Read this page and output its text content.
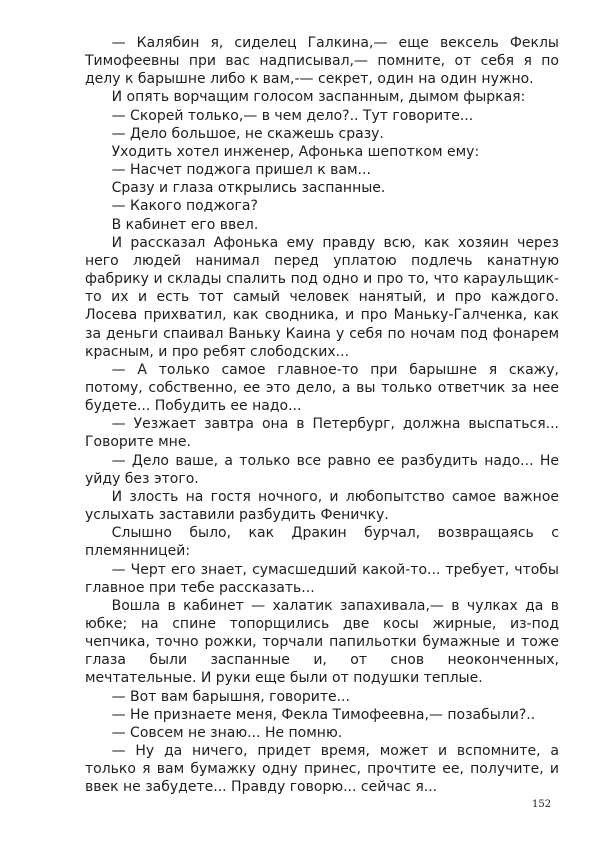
— Калябин я, сиделец Галкина,— еще вексель Феклы Тимофеевны при вас надписывал,— помните, от себя я по делу к барышне либо к вам,-— секрет, один на один нужно.

И опять ворчащим голосом заспанным, дымом фыркая:

— Скорей только,— в чем дело?.. Тут говорите...

— Дело большое, не скажешь сразу.

Уходить хотел инженер, Афонька шепотком ему:

— Насчет поджога пришел к вам...

Сразу и глаза открылись заспанные.

— Какого поджога?

В кабинет его ввел.

И рассказал Афонька ему правду всю, как хозяин через него людей нанимал перед уплатою подлечь канатную фабрику и склады спалить под одно и про то, что караульщик-то их и есть тот самый человек нанятый, и про каждого. Лосева прихватил, как сводника, и про Маньку-Галченка, как за деньги спаивал Ваньку Каина у себя по ночам под фонарем красным, и про ребят слободских...

— А только самое главное-то при барышне я скажу, потому, собственно, ее это дело, а вы только ответчик за нее будете... Побудить ее надо...

— Уезжает завтра она в Петербург, должна выспаться... Говорите мне.

— Дело ваше, а только все равно ее разбудить надо... Не уйду без этого.

И злость на гостя ночного, и любопытство самое важное услыхать заставили разбудить Феничку.

Слышно было, как Дракин бурчал, возвращаясь с племянницей:

— Черт его знает, сумасшедший какой-то... требует, чтобы главное при тебе рассказать...

Вошла в кабинет — халатик запахивала,— в чулках да в юбке; на спине топорщились две косы жирные, из-под чепчика, точно рожки, торчали папильотки бумажные и тоже глаза были заспанные и, от снов неоконченных, мечтательные. И руки еще были от подушки теплые.

— Вот вам барышня, говорите...

— Не признаете меня, Фекла Тимофеевна,— позабыли?..

— Совсем не знаю... Не помню.

— Ну да ничего, придет время, может и вспомните, а только я вам бумажку одну принес, прочтите ее, получите, и ввек не забудете... Правду говорю... сейчас я...

152
